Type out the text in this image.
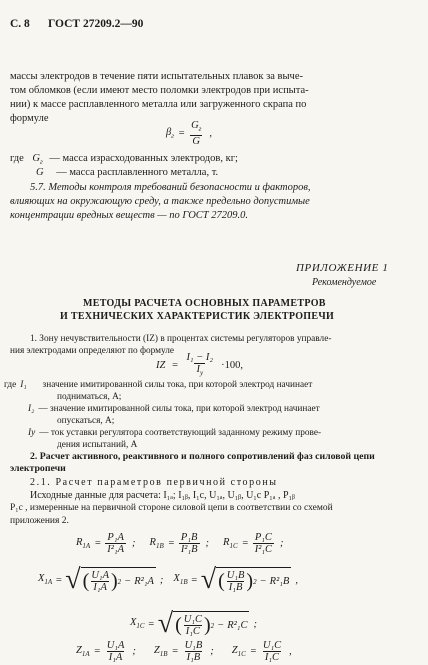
С. 8 ГОСТ 27209.2—90
массы электродов в течение пяти испытательных плавок за выче-
том обломков (если имеют место поломки электродов при испыта-
нии) к массе расплавленного металла или загруженного скрапа по
формуле
$\beta_г = \frac{G_г}{G}$ ,
где $G_г$ — масса израсходованных электродов, кг;
G — масса расплавленного металла, т.
5.7. Методы контроля требований безопасности и факторов,
влияющих на окружающую среду, а также предельно допустимые
концентрации вредных веществ — по ГОСТ 27209.0.
ПРИЛОЖЕНИЕ 1
Рекомендуемое
МЕТОДЫ РАСЧЕТА ОСНОВНЫХ ПАРАМЕТРОВ
И ТЕХНИЧЕСКИХ ХАРАКТЕРИСТИК ЭЛЕКТРОПЕЧИ
1. Зону нечувствительности (IZ) в процентах системы регуляторов управле-
ния электродами определяют по формуле
IZ = $\frac{\text{I₁ − I₂}}{I_у} \cdot 100$,
где I₁ значение имитированной силы тока, при которой электрод начинает
подниматься, А;
I₂ — значение имитированной силы тока, при которой электрод начинает
опускаться, А;
Iу — ток уставки регулятора соответствующий заданному режиму прове-
дения испытаний, А
2. Расчет активного, реактивного и полного сопротивлений фаз силовой цепи
электропечи
2.1. Расчет параметров первичной стороны
Исходные данные для расчета: I₁ₐ; I₁ᵦ, I₁c, U₁ₐ, U₁ᵦ, U₁c P₁ₐ , P₁ᵦ
P₁c , измеренные на первичной стороне силовой цепи в соответствии со схемой
приложения 2.
$R_{1A} = \frac{\text{P₁A}}{\text{I²₁A}}$ ; $R_{1B} = \frac{\text{P₁B}}{\text{I²₁B}}$ ; $R_{1C} = \frac{\text{P₁C}}{\text{I²₁C}}$ ;
$X_{1A}$ = √ ( $\frac{\text{U₁A}}{\text{I₁A}}$ ) 2 − R²₁A ; $X_{1B}$ = √ ( $\frac{\text{U₁B}}{\text{I₁B}}$ ) 2 − R²₁B ,
$X_{1C}$ = √ ( $\frac{\text{U₁C}}{\text{I₁C}}$ ) 2 − R²₁C ;
$Z_{1A} = \frac{\text{U₁A}}{\text{I₁A}}$ ; $Z_{1B} = \frac{\text{U₁B}}{\text{I₁B}}$ ; $Z_{1C} = \frac{\text{U₁C}}{\text{I₁C}}$ ,
